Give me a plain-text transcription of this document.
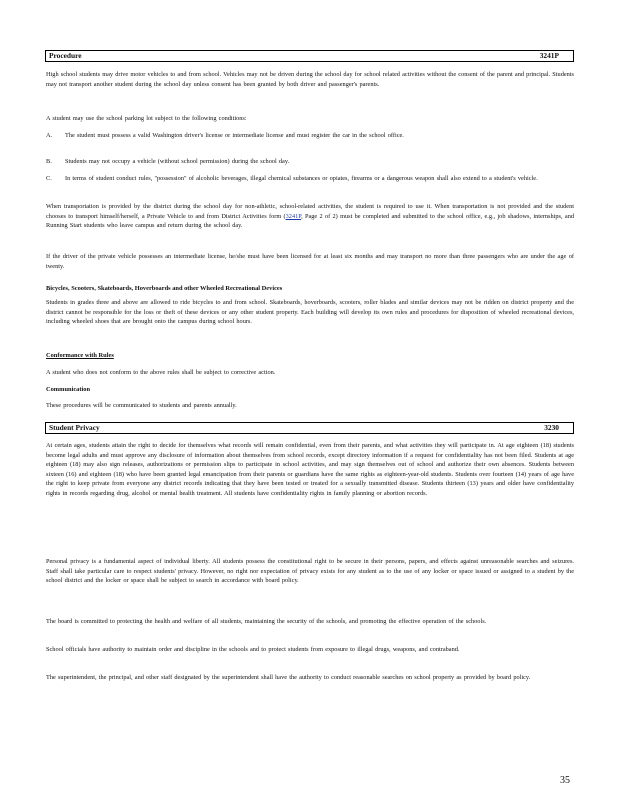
Procedure	3241P
High school students may drive motor vehicles to and from school. Vehicles may not be driven during the school day for school related activities without the consent of the parent and principal. Students may not transport another student during the school day unless consent has been granted by both driver and passenger's parents.
A student may use the school parking lot subject to the following conditions:
A. The student must possess a valid Washington driver's license or intermediate license and must register the car in the school office.
B. Students may not occupy a vehicle (without school permission) during the school day.
C. In terms of student conduct rules, "possession" of alcoholic beverages, illegal chemical substances or opiates, firearms or a dangerous weapon shall also extend to a student's vehicle.
When transportation is provided by the district during the school day for non-athletic, school-related activities, the student is required to use it. When transportation is not provided and the student chooses to transport himself/herself, a Private Vehicle to and from District Activities form (3241P, Page 2 of 2) must be completed and submitted to the school office, e.g., job shadows, internships, and Running Start students who leave campus and return during the school day.
If the driver of the private vehicle possesses an intermediate license, he/she must have been licensed for at least six months and may transport no more than three passengers who are under the age of twenty.
Bicycles, Scooters, Skateboards, Hoverboards and other Wheeled Recreational Devices
Students in grades three and above are allowed to ride bicycles to and from school. Skateboards, hoverboards, scooters, roller blades and similar devices may not be ridden on district property and the district cannot be responsible for the loss or theft of these devices or any other student property. Each building will develop its own rules and procedures for disposition of wheeled recreational devices, including wheeled shoes that are brought onto the campus during school hours.
Conformance with Rules
A student who does not conform to the above rules shall be subject to corrective action.
Communication
These procedures will be communicated to students and parents annually.
Student Privacy	3230
At certain ages, students attain the right to decide for themselves what records will remain confidential, even from their parents, and what activities they will participate in. At age eighteen (18) students become legal adults and must approve any disclosure of information about themselves from school records, except directory information if a request for confidentiality has not been filed. Students at age eighteen (18) may also sign releases, authorizations or permission slips to participate in school activities, and may sign themselves out of school and authorize their own absences. Students between sixteen (16) and eighteen (18) who have been granted legal emancipation from their parents or guardians have the same rights as eighteen-year-old students. Students over fourteen (14) years of age have the right to keep private from everyone any district records indicating that they have been tested or treated for a sexually transmitted disease. Students thirteen (13) years and older have confidentiality rights in records regarding drug, alcohol or mental health treatment. All students have confidentiality rights in family planning or abortion records.
Personal privacy is a fundamental aspect of individual liberty. All students possess the constitutional right to be secure in their persons, papers, and effects against unreasonable searches and seizures. Staff shall take particular care to respect students' privacy. However, no right nor expectation of privacy exists for any student as to the use of any locker or space issued or assigned to a student by the school district and the locker or space shall be subject to search in accordance with board policy.
The board is committed to protecting the health and welfare of all students, maintaining the security of the schools, and promoting the effective operation of the schools.
School officials have authority to maintain order and discipline in the schools and to protect students from exposure to illegal drugs, weapons, and contraband.
The superintendent, the principal, and other staff designated by the superintendent shall have the authority to conduct reasonable searches on school property as provided by board policy.
35
